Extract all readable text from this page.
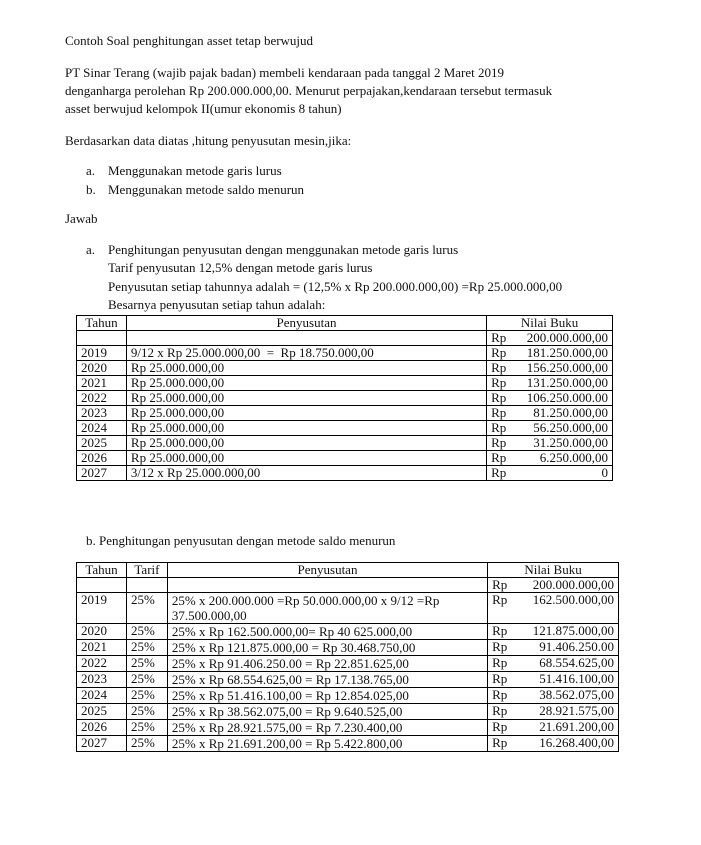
Contoh Soal penghitungan asset tetap berwujud
PT Sinar Terang (wajib pajak badan) membeli kendaraan pada tanggal 2 Maret 2019
denganharga perolehan Rp 200.000.000,00. Menurut perpajakan,kendaraan tersebut termasuk
asset berwujud kelompok II(umur ekonomis 8 tahun)
Berdasarkan data diatas ,hitung penyusutan mesin,jika:
a. Menggunakan metode garis lurus
b. Menggunakan metode saldo menurun
Jawab
a. Penghitungan penyusutan dengan menggunakan metode garis lurus
Tarif penyusutan 12,5% dengan metode garis lurus
Penyusutan setiap tahunnya adalah = (12,5% x Rp 200.000.000,00) =Rp 25.000.000,00
Besarnya penyusutan setiap tahun adalah:
Tahun	Penyusutan	Nilai Buku

		Rp 200.000.000,00

2019	9/12 x Rp 25.000.000,00  =  Rp 18.750.000,00	Rp 181.250.000,00

2020	Rp 25.000.000,00	Rp 156.250.000,00

2021	Rp 25.000.000,00	Rp 131.250.000,00

2022	Rp 25.000.000,00	Rp 106.250.000.00

2023	Rp 25.000.000,00	Rp 81.250.000,00

2024	Rp 25.000.000,00	Rp 56.250.000,00

2025	Rp 25.000.000,00	Rp 31.250.000,00

2026	Rp 25.000.000,00	Rp 6.250.000,00

2027	3/12 x Rp 25.000.000,00	Rp 0
b. Penghitungan penyusutan dengan metode saldo menurun
Tahun	Tarif	Penyusutan	Nilai Buku

			Rp 200.000.000,00

2019	25%	25% x 200.000.000 =Rp 50.000.000,00 x 9/12 =Rp 37.500.000,00	Rp 162.500.000,00

2020	25%	25% x Rp 162.500.000,00= Rp 40 625.000,00	Rp 121.875.000,00

2021	25%	25% x Rp 121.875.000,00 = Rp 30.468.750,00	Rp 91.406.250.00

2022	25%	25% x Rp 91.406.250.00 = Rp 22.851.625,00	Rp 68.554.625,00

2023	25%	25% x Rp 68.554.625,00 = Rp 17.138.765,00	Rp 51.416.100,00

2024	25%	25% x Rp 51.416.100,00 = Rp 12.854.025,00	Rp 38.562.075,00

2025	25%	25% x Rp 38.562.075,00 = Rp 9.640.525,00	Rp 28.921.575,00

2026	25%	25% x Rp 28.921.575,00 = Rp 7.230.400,00	Rp 21.691.200,00

2027	25%	25% x Rp 21.691.200,00 = Rp 5.422.800,00	Rp 16.268.400,00
